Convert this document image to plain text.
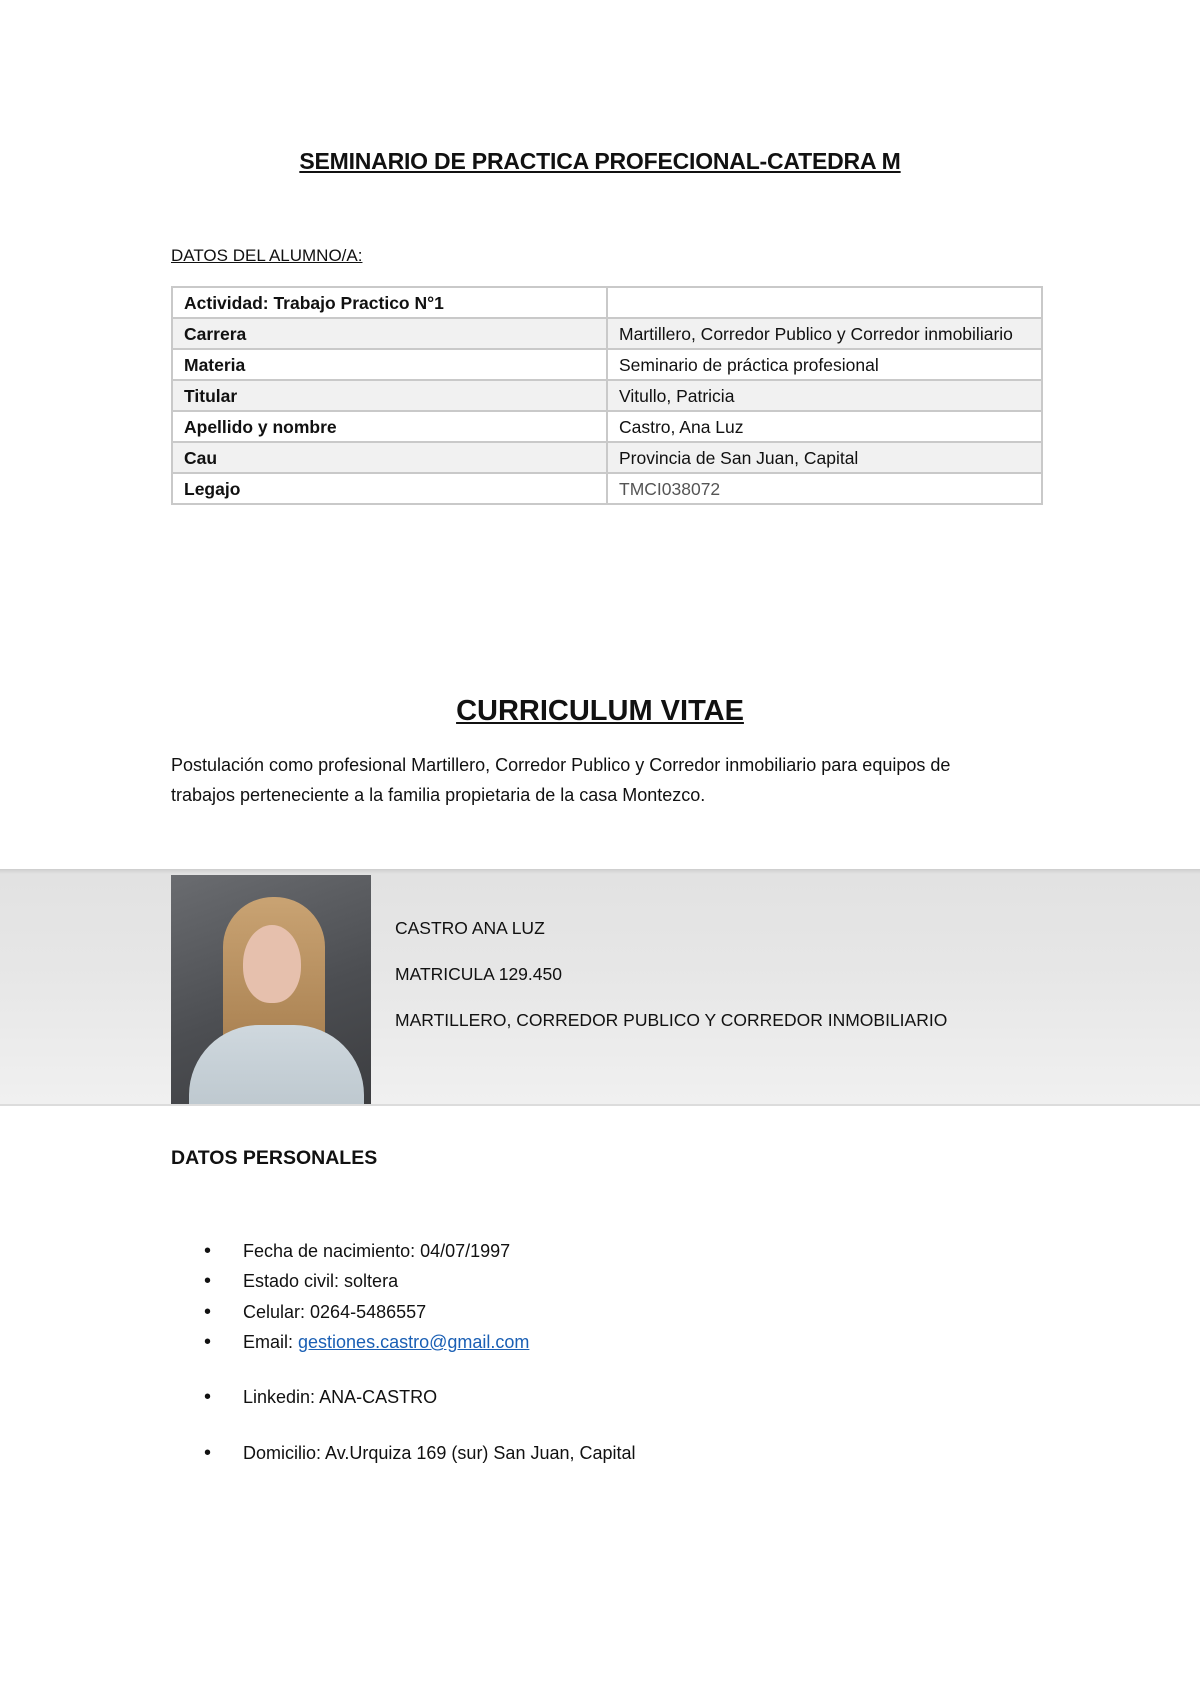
SEMINARIO DE PRACTICA PROFECIONAL-CATEDRA M
DATOS DEL ALUMNO/A:
Actividad: Trabajo Practico N°1	
Carrera	Martillero, Corredor Publico y Corredor inmobiliario
Materia	Seminario de práctica profesional
Titular	Vitullo, Patricia
Apellido y nombre	Castro, Ana Luz
Cau	Provincia de San Juan, Capital
Legajo	TMCI038072
CURRICULUM VITAE
Postulación como profesional Martillero, Corredor Publico y Corredor inmobiliario para equipos de trabajos perteneciente a la familia propietaria de la casa Montezco.
CASTRO ANA LUZ
MATRICULA 129.450
MARTILLERO, CORREDOR PUBLICO Y CORREDOR INMOBILIARIO
DATOS PERSONALES
• Fecha de nacimiento: 04/07/1997
• Estado civil: soltera
• Celular: 0264-5486557
• Email: gestiones.castro@gmail.com
• Linkedin: ANA-CASTRO
• Domicilio: Av.Urquiza 169 (sur) San Juan, Capital
